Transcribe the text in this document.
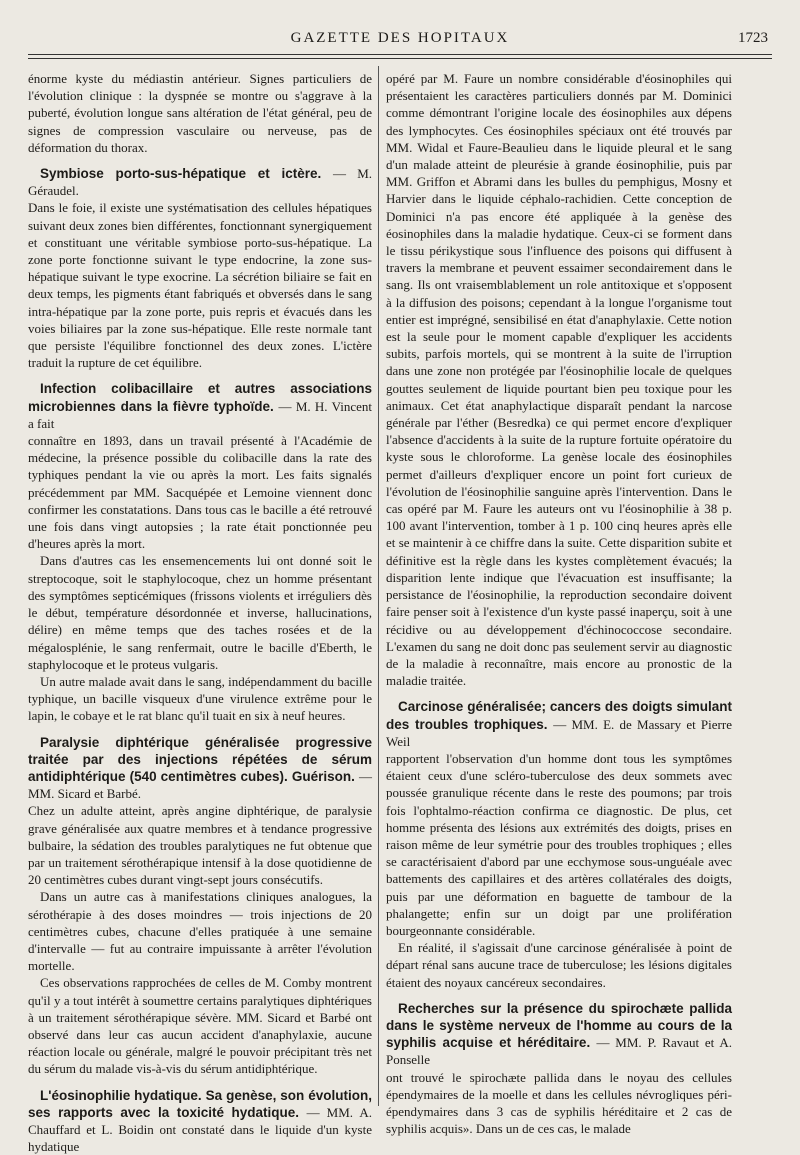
GAZETTE DES HOPITAUX	1723

énorme kyste du médiastin antérieur. Signes particuliers de l'évolution clinique : la dyspnée se montre ou s'aggrave à la puberté, évolution longue sans altération de l'état général, peu de signes de compression vasculaire ou nerveuse, pas de déformation du thorax.

Symbiose porto-sus-hépatique et ictère. — M. Géraudel.

Dans le foie, il existe une systématisation des cellules hépatiques suivant deux zones bien différentes, fonctionnant synergiquement et constituant une véritable symbiose porto-sus-hépatique. La zone porte fonctionne suivant le type endocrine, la zone sus-hépatique suivant le type exocrine. La sécrétion biliaire se fait en deux temps, les pigments étant fabriqués et obversés dans le sang intra-hépatique par la zone porte, puis repris et évacués dans les voies biliaires par la zone sus-hépatique. Elle reste normale tant que persiste l'équilibre fonctionnel des deux zones. L'ictère traduit la rupture de cet équilibre.

Infection colibacillaire et autres associations microbiennes dans la fièvre typhoïde. — M. H. Vincent a fait

connaître en 1893, dans un travail présenté à l'Académie de médecine, la présence possible du colibacille dans la rate des typhiques pendant la vie ou après la mort. Les faits signalés précédemment par MM. Sacquépée et Lemoine viennent donc confirmer les constatations. Dans tous cas le bacille a été retrouvé une fois dans vingt autopsies ; la rate était ponctionnée peu d'heures après la mort.

Dans d'autres cas les ensemencements lui ont donné soit le streptocoque, soit le staphylocoque, chez un homme présentant des symptômes septicémiques (frissons violents et irréguliers dès le début, température désordonnée et inverse, hallucinations, délire) en même temps que des taches rosées et de la mégalosplénie, le sang renfermait, outre le bacille d'Eberth, le staphylocoque et le proteus vulgaris.

Un autre malade avait dans le sang, indépendamment du bacille typhique, un bacille visqueux d'une virulence extrême pour le lapin, le cobaye et le rat blanc qu'il tuait en six à neuf heures.

Paralysie diphtérique généralisée progressive traitée par des injections répétées de sérum antidiphtérique (540 centimètres cubes). Guérison. — MM. Sicard et Barbé.

Chez un adulte atteint, après angine diphtérique, de paralysie grave généralisée aux quatre membres et à tendance progressive bulbaire, la sédation des troubles paralytiques ne fut obtenue que par un traitement sérothérapique intensif à la dose quotidienne de 20 centimètres cubes durant vingt-sept jours consécutifs.

Dans un autre cas à manifestations cliniques analogues, la sérothérapie à des doses moindres — trois injections de 20 centimètres cubes, chacune d'elles pratiquée à une semaine d'intervalle — fut au contraire impuissante à arrêter l'évolution mortelle.

Ces observations rapprochées de celles de M. Comby montrent qu'il y a tout intérêt à soumettre certains paralytiques diphtériques à un traitement sérothérapique sévère. MM. Sicard et Barbé ont observé dans leur cas aucun accident d'anaphylaxie, aucune réaction locale ou générale, malgré le pouvoir précipitant très net du sérum du malade vis-à-vis du sérum antidiphtérique.

L'éosinophilie hydatique. Sa genèse, son évolution, ses rapports avec la toxicité hydatique. — MM. A. Chauffard et L. Boidin ont constaté dans le liquide d'un kyste hydatique

opéré par M. Faure un nombre considérable d'éosinophiles qui présentaient les caractères particuliers donnés par M. Dominici comme démontrant l'origine locale des éosinophiles aux dépens des lymphocytes. Ces éosinophiles spéciaux ont été trouvés par MM. Widal et Faure-Beaulieu dans le liquide pleural et le sang d'un malade atteint de pleurésie à grande éosinophilie, puis par MM. Griffon et Abrami dans les bulles du pemphigus, Mosny et Harvier dans le liquide céphalo-rachidien. Cette conception de Dominici n'a pas encore été appliquée à la genèse des éosinophiles dans la maladie hydatique. Ceux-ci se forment dans le tissu périkystique sous l'influence des poisons qui diffusent à travers la membrane et peuvent essaimer secondairement dans le sang. Ils ont vraisemblablement un role antitoxique et s'opposent à la diffusion des poisons; cependant à la longue l'organisme tout entier est imprégné, sensibilisé en état d'anaphylaxie. Cette notion est la seule pour le moment capable d'expliquer les accidents subits, parfois mortels, qui se montrent à la suite de l'irruption dans une zone non protégée par l'éosinophilie locale de quelques gouttes seulement de liquide pourtant bien peu toxique pour les animaux. Cet état anaphylactique disparaît pendant la narcose générale par l'éther (Besredka) ce qui permet encore d'expliquer l'absence d'accidents à la suite de la rupture fortuite opératoire du kyste sous le chloroforme. La genèse locale des éosinophiles permet d'ailleurs d'expliquer encore un point fort curieux de l'évolution de l'éosinophilie sanguine après l'intervention. Dans le cas opéré par M. Faure les auteurs ont vu l'éosinophilie à 38 p. 100 avant l'intervention, tomber à 1 p. 100 cinq heures après elle et se maintenir à ce chiffre dans la suite. Cette disparition subite et définitive est la règle dans les kystes complètement évacués; la disparition lente indique que l'évacuation est insuffisante; la persistance de l'éosinophilie, la reproduction secondaire doivent faire penser soit à l'existence d'un kyste passé inaperçu, soit à une récidive ou au développement d'échinococcose secondaire. L'examen du sang ne doit donc pas seulement servir au diagnostic de la maladie à reconnaître, mais encore au pronostic de la maladie traitée.

Carcinose généralisée; cancers des doigts simulant des troubles trophiques. — MM. E. de Massary et Pierre Weil

rapportent l'observation d'un homme dont tous les symptômes étaient ceux d'une scléro-tuberculose des deux sommets avec poussée granulique récente dans le reste des poumons; par trois fois l'ophtalmo-réaction confirma ce diagnostic. De plus, cet homme présenta des lésions aux extrémités des doigts, prises en raison même de leur symétrie pour des troubles trophiques ; elles se caractérisaient d'abord par une ecchymose sous-unguéale avec battements des capillaires et des artères collatérales des doigts, puis par une déformation en baguette de tambour de la phalangette; enfin sur un doigt par une prolifération bourgeonnante considérable.

En réalité, il s'agissait d'une carcinose généralisée à point de départ rénal sans aucune trace de tuberculose; les lésions digitales étaient des noyaux cancéreux secondaires.

Recherches sur la présence du spirochæte pallida dans le système nerveux de l'homme au cours de la syphilis acquise et héréditaire. — MM. P. Ravaut et A. Ponselle

ont trouvé le spirochæte pallida dans le noyau des cellules épendymaires de la moelle et dans les cellules névrogliques péri-épendymaires dans 3 cas de syphilis héréditaire et 2 cas de syphilis acquis». Dans un de ces cas, le malade
